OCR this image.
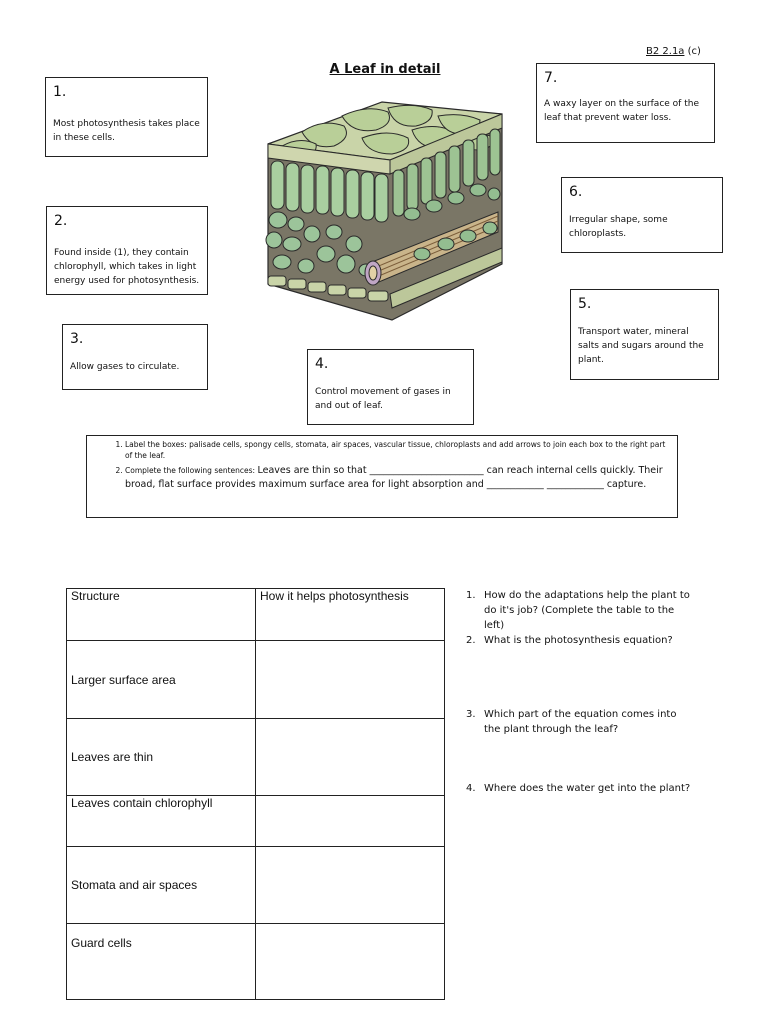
B2 2.1a (c)
A Leaf in detail
1.
Most photosynthesis takes place in these cells.
2.
Found inside (1), they contain chlorophyll, which takes in light energy used for photosynthesis.
3.
Allow gases to circulate.	4.
Control movement of gases in and out of leaf.
5.
Transport water, mineral salts and sugars around the plant.
6.
Irregular shape, some chloroplasts.
7.
A waxy layer on the surface of the leaf that prevent water loss.
1. Label the boxes: palisade cells, spongy cells, stomata, air spaces, vascular tissue, chloroplasts and add arrows to join each box to the right part of the leaf.
2. Complete the following sentences: Leaves are thin so that ________________________ can reach internal cells quickly. Their broad, flat surface provides maximum surface area for light absorption and ____________ ____________ capture.
Structure	How it helps photosynthesis
Larger surface area	
Leaves are thin	
Leaves contain chlorophyll	
Stomata and air spaces	
Guard cells	
1. How do the adaptations help the plant to do it's job? (Complete the table to the left)
2. What is the photosynthesis equation?
3. Which part of the equation comes into the plant through the leaf?
4. Where does the water get into the plant?
